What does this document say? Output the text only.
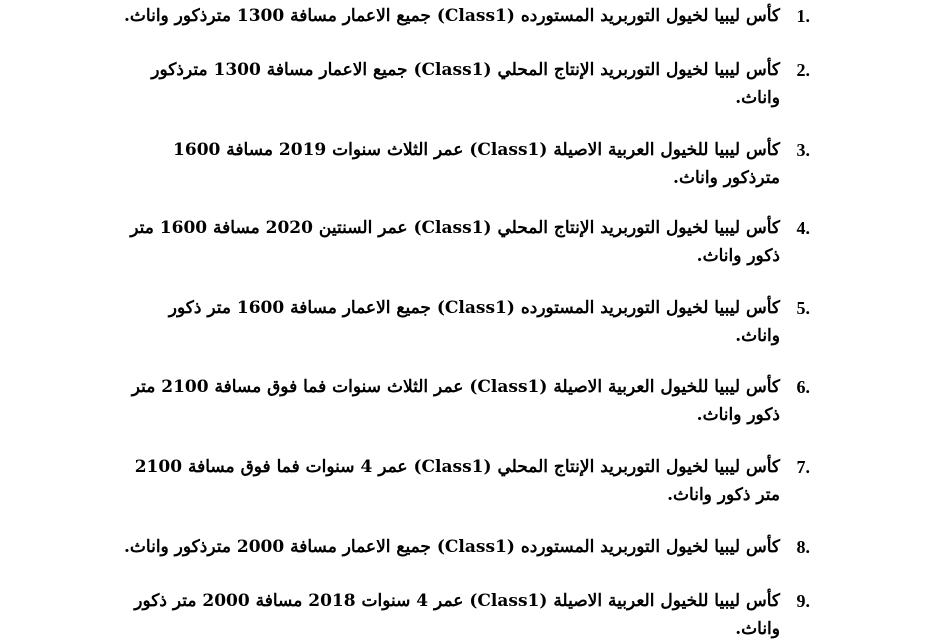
1.
كأس ليبيا لخيول التوربريد المستورده (Class1) جميع الاعمار مسافة 1300 مترذكور واناث.
2.
كأس ليبيا لخيول التوربريد الإنتاج المحلي (Class1) جميع الاعمار مسافة 1300 مترذكور واناث.
3.
كأس ليبيا للخيول العربية الاصيلة (Class1) عمر الثلاث سنوات 2019 مسافة 1600 مترذكور واناث.
4.
كأس ليبيا لخيول التوربريد الإنتاج المحلي (Class1) عمر السنتين 2020 مسافة 1600 متر ذكور واناث.
5.
كأس ليبيا لخيول التوربريد المستورده (Class1) جميع الاعمار مسافة 1600 متر ذكور واناث.
6.
كأس ليبيا للخيول العربية الاصيلة (Class1) عمر الثلاث سنوات فما فوق مسافة 2100 متر ذكور واناث.
7.
كأس ليبيا لخيول التوربريد الإنتاج المحلي (Class1) عمر 4 سنوات فما فوق مسافة 2100 متر ذكور واناث.
8.
كأس ليبيا لخيول التوربريد المستورده (Class1) جميع الاعمار مسافة 2000 مترذكور واناث.
9.
كأس ليبيا للخيول العربية الاصيلة (Class1) عمر 4 سنوات 2018 مسافة 2000 متر ذكور واناث.
